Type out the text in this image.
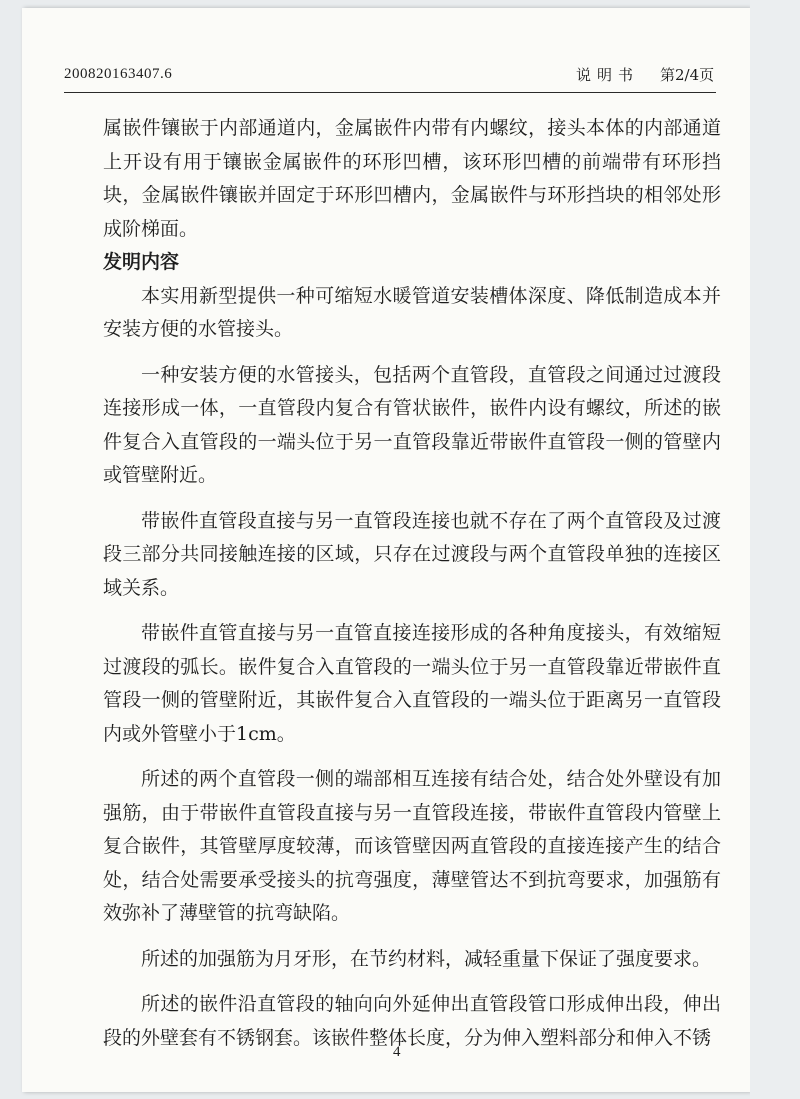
200820163407.6	说明书 第2/4页

属嵌件镶嵌于内部通道内，金属嵌件内带有内螺纹，接头本体的内部通道上开设有用于镶嵌金属嵌件的环形凹槽，该环形凹槽的前端带有环形挡块，金属嵌件镶嵌并固定于环形凹槽内，金属嵌件与环形挡块的相邻处形成阶梯面。

发明内容

本实用新型提供一种可缩短水暖管道安装槽体深度、降低制造成本并安装方便的水管接头。

一种安装方便的水管接头，包括两个直管段，直管段之间通过过渡段连接形成一体，一直管段内复合有管状嵌件，嵌件内设有螺纹，所述的嵌件复合入直管段的一端头位于另一直管段靠近带嵌件直管段一侧的管壁内或管壁附近。

带嵌件直管段直接与另一直管段连接也就不存在了两个直管段及过渡段三部分共同接触连接的区域，只存在过渡段与两个直管段单独的连接区域关系。

带嵌件直管直接与另一直管直接连接形成的各种角度接头，有效缩短过渡段的弧长。嵌件复合入直管段的一端头位于另一直管段靠近带嵌件直管段一侧的管壁附近，其嵌件复合入直管段的一端头位于距离另一直管段内或外管壁小于1cm。

所述的两个直管段一侧的端部相互连接有结合处，结合处外壁设有加强筋，由于带嵌件直管段直接与另一直管段连接，带嵌件直管段内管壁上复合嵌件，其管壁厚度较薄，而该管壁因两直管段的直接连接产生的结合处，结合处需要承受接头的抗弯强度，薄壁管达不到抗弯要求，加强筋有效弥补了薄壁管的抗弯缺陷。

所述的加强筋为月牙形，在节约材料，减轻重量下保证了强度要求。

所述的嵌件沿直管段的轴向向外延伸出直管段管口形成伸出段，伸出段的外壁套有不锈钢套。该嵌件整体长度，分为伸入塑料部分和伸入不锈

4
